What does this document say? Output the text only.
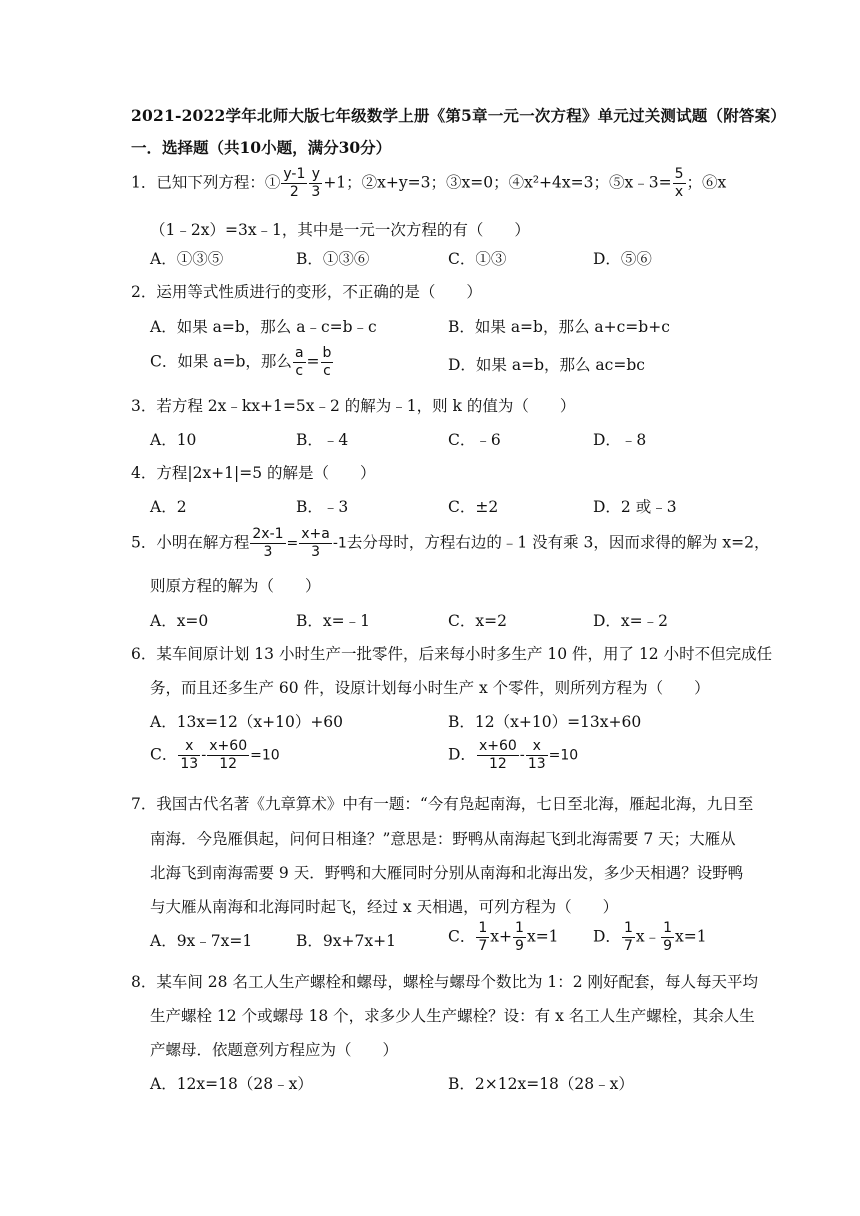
2021-2022学年北师大版七年级数学上册《第5章一元一次方程》单元过关测试题（附答案）
一．选择题（共10小题，满分30分）
1．已知下列方程：① $\frac{y-1}{2} \frac{y}{3} +1$；②x+y=3；③x=0；④x²+4x=3；⑤x﹣3= $\frac{5}{x}$ ；⑥x
（1﹣2x）=3x﹣1，其中是一元一次方程的有（　　）
A．①③⑤	B．①③⑥	C．①③	D．⑤⑥
2．运用等式性质进行的变形，不正确的是（　　）
A．如果 a=b，那么 a﹣c=b﹣c	B．如果 a=b，那么 a+c=b+c
C．如果 a=b，那么 $\frac{a}{c} = \frac{b}{c}$	D．如果 a=b，那么 ac=bc
3．若方程 2x﹣kx+1=5x﹣2 的解为﹣1，则 k 的值为（　　）
A．10	B．﹣4	C．﹣6	D．﹣8
4．方程|2x+1|=5 的解是（　　）
A．2	B．﹣3	C．±2	D．2 或﹣3
5．小明在解方程 $\frac{2x-1}{3} = \frac{x+a}{3} -1$去分母时，方程右边的﹣1 没有乘 3，因而求得的解为 x=2，
则原方程的解为（　　）
A．x=0	B．x=﹣1	C．x=2	D．x=﹣2
6．某车间原计划 13 小时生产一批零件，后来每小时多生产 10 件，用了 12 小时不但完成任
务，而且还多生产 60 件，设原计划每小时生产 x 个零件，则所列方程为（　　）
A．13x=12（x+10）+60	B．12（x+10）=13x+60
C． $\frac{x}{13} - \frac{x+60}{12} =10$	D． $\frac{x+60}{12} - \frac{x}{13} =10$
7．我国古代名著《九章算术》中有一题：“今有凫起南海，七日至北海，雁起北海，九日至
南海．今凫雁俱起，问何日相逢？”意思是：野鸭从南海起飞到北海需要 7 天；大雁从
北海飞到南海需要 9 天．野鸭和大雁同时分别从南海和北海出发，多少天相遇？设野鸭
与大雁从南海和北海同时起飞，经过 x 天相遇，可列方程为（　　）
A．9x﹣7x=1	B．9x+7x+1	C． $\frac{1}{7} x+ \frac{1}{9} x=1$ D． $\frac{1}{7}$ x﹣ $\frac{1}{9} x=1$
8．某车间 28 名工人生产螺栓和螺母，螺栓与螺母个数比为 1：2 刚好配套，每人每天平均
生产螺栓 12 个或螺母 18 个，求多少人生产螺栓？设：有 x 名工人生产螺栓，其余人生
产螺母．依题意列方程应为（　　）
A．12x=18（28﹣x）	B．2×12x=18（28﹣x）
